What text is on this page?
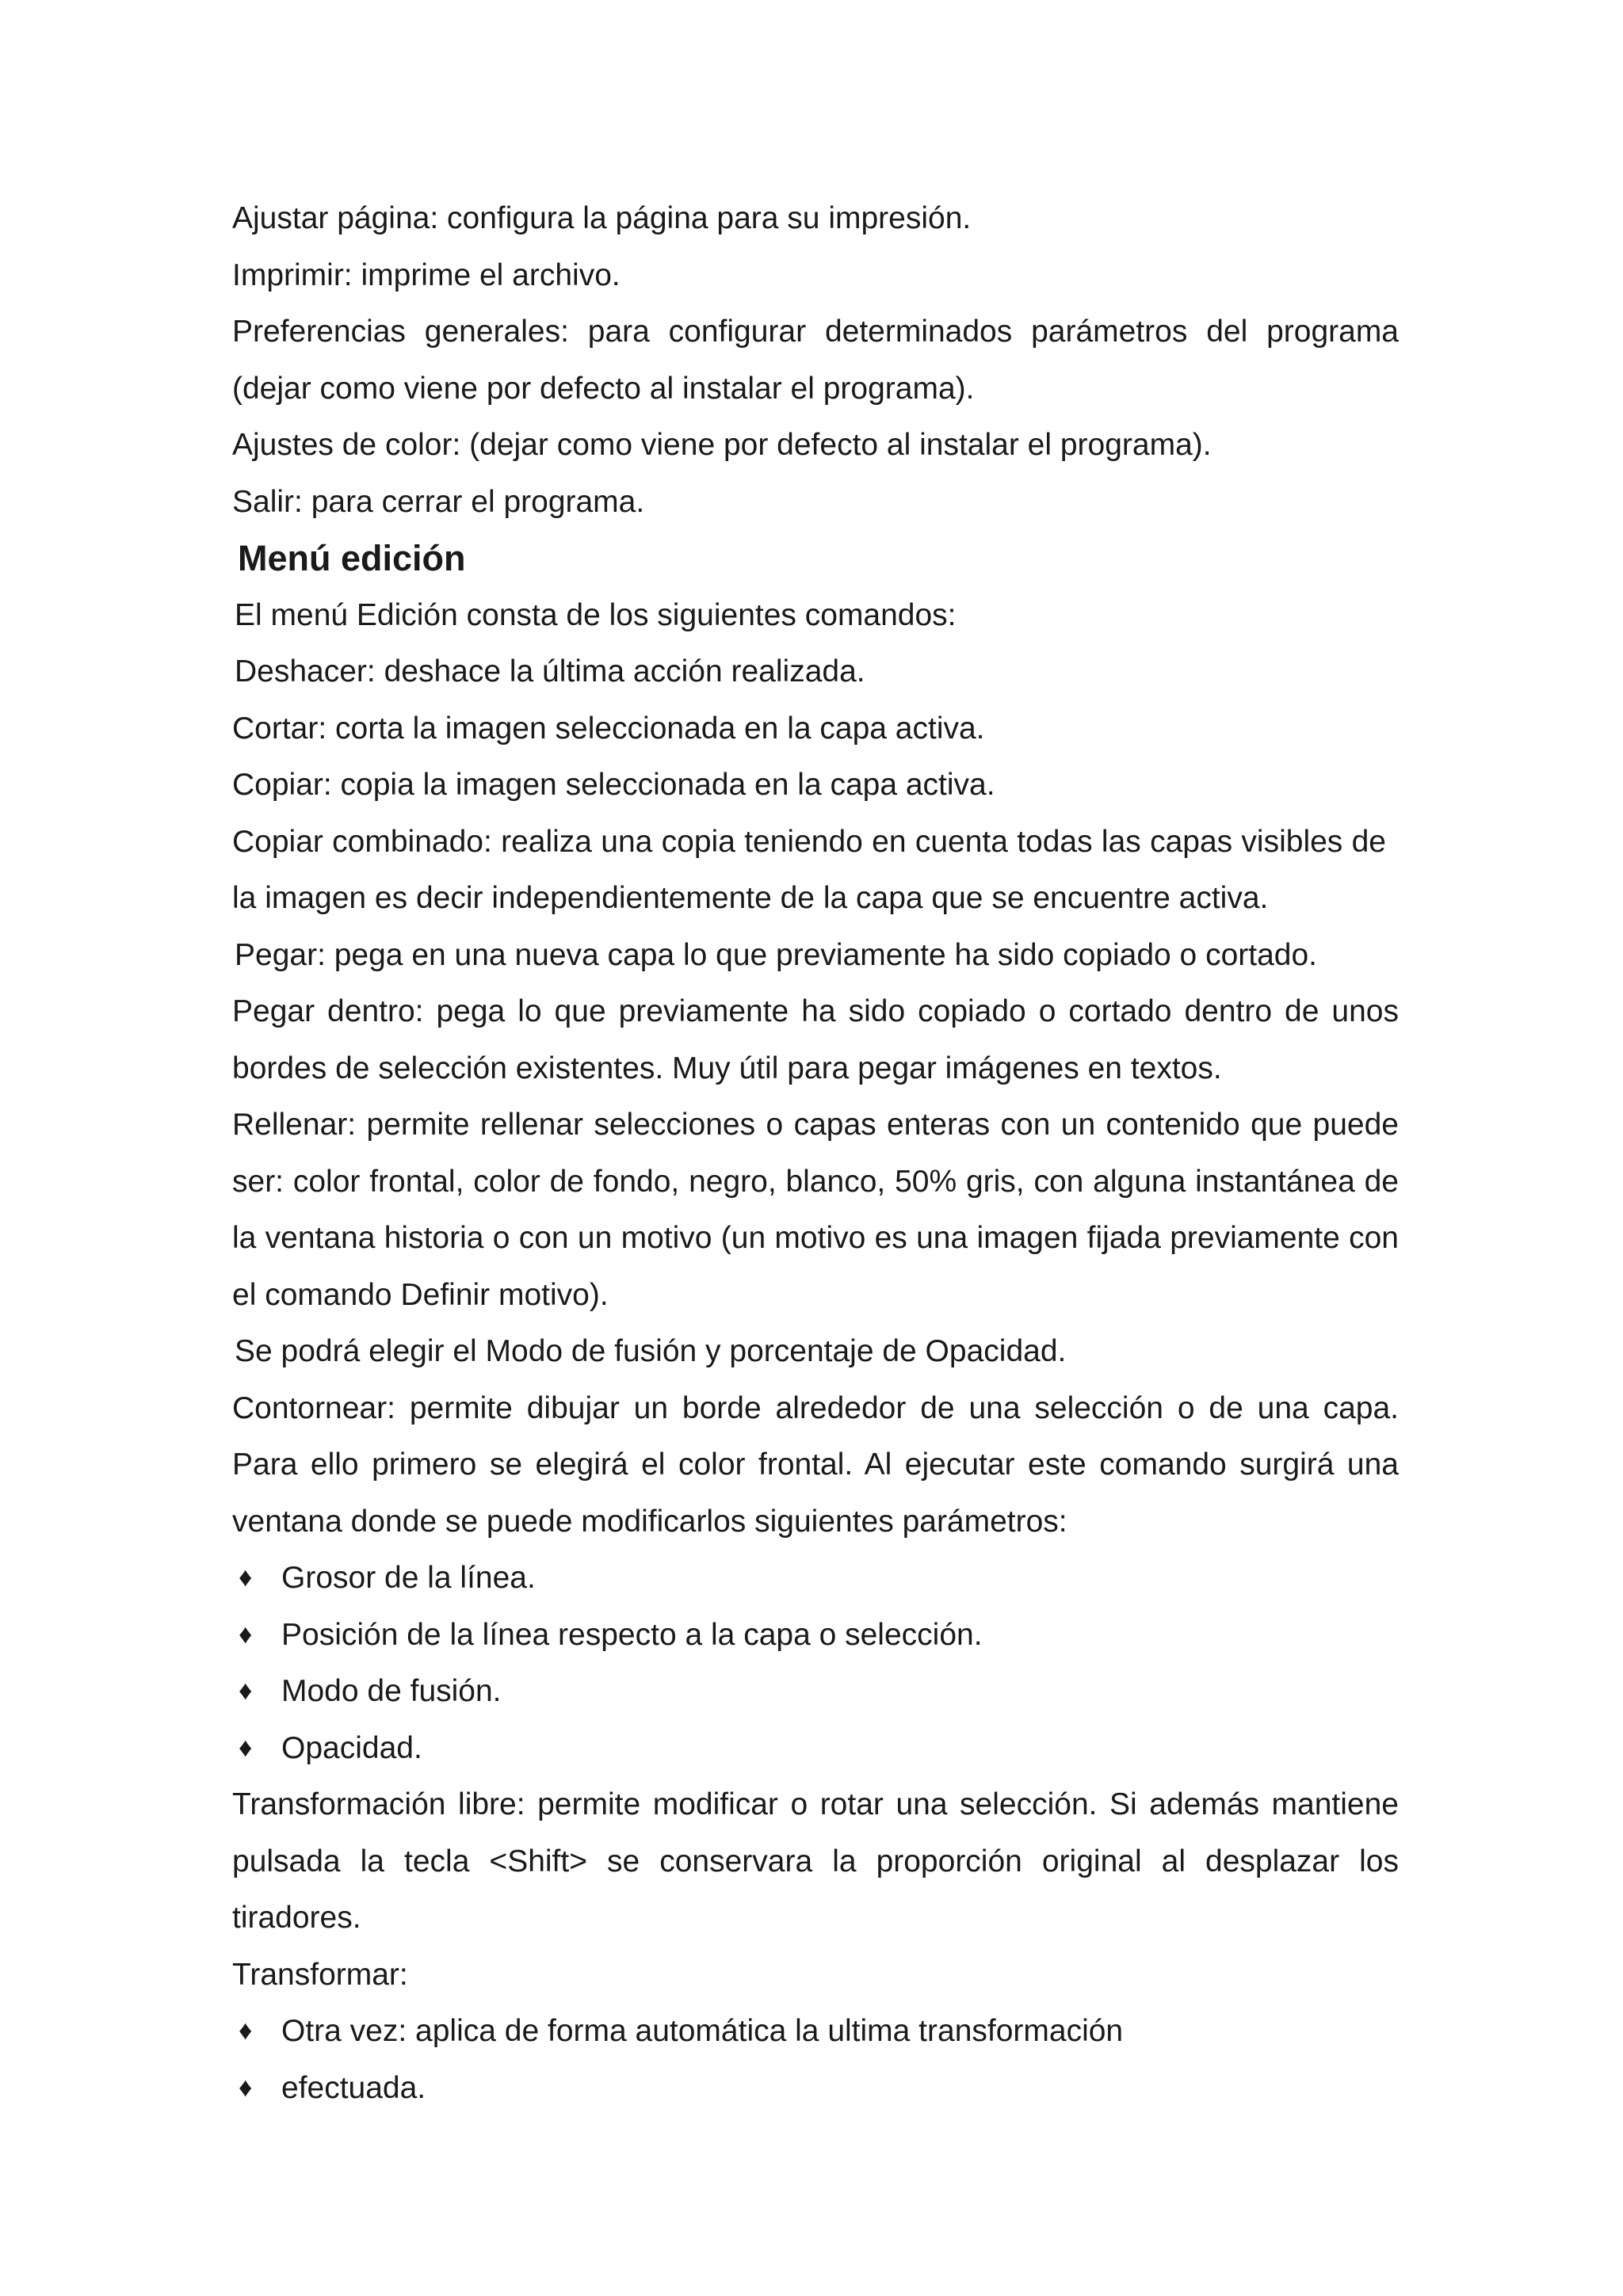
Ajustar página: configura la página para su impresión.

Imprimir: imprime el archivo.

Preferencias generales: para configurar determinados parámetros del programa (dejar como viene por defecto al instalar el programa).

Ajustes de color: (dejar como viene por defecto al instalar el programa).

Salir: para cerrar el programa.

Menú edición

El menú Edición consta de los siguientes comandos:

Deshacer: deshace la última acción realizada.

Cortar: corta la imagen seleccionada en la capa activa.

Copiar: copia la imagen seleccionada en la capa activa.

Copiar combinado: realiza una copia teniendo en cuenta todas las capas visibles de la imagen es decir independientemente de la capa que se encuentre activa.

Pegar: pega en una nueva capa lo que previamente ha sido copiado o cortado.

Pegar dentro: pega lo que previamente ha sido copiado o cortado dentro de unos bordes de selección existentes. Muy útil para pegar imágenes en textos.

Rellenar: permite rellenar selecciones o capas enteras con un contenido que puede ser: color frontal, color de fondo, negro, blanco, 50% gris, con alguna instantánea de la ventana historia o con un motivo (un motivo es una imagen fijada previamente con el comando Definir motivo).

Se podrá elegir el Modo de fusión y porcentaje de Opacidad.

Contornear: permite dibujar un borde alrededor de una selección o de una capa. Para ello primero se elegirá el color frontal. Al ejecutar este comando surgirá una ventana donde se puede modificarlos siguientes parámetros:

♦ Grosor de la línea.

♦ Posición de la línea respecto a la capa o selección.

♦ Modo de fusión.

♦ Opacidad.

Transformación libre: permite modificar o rotar una selección. Si además mantiene pulsada la tecla <Shift> se conservara la proporción original al desplazar los tiradores.

Transformar:

♦ Otra vez: aplica de forma automática la ultima transformación

♦ efectuada.
